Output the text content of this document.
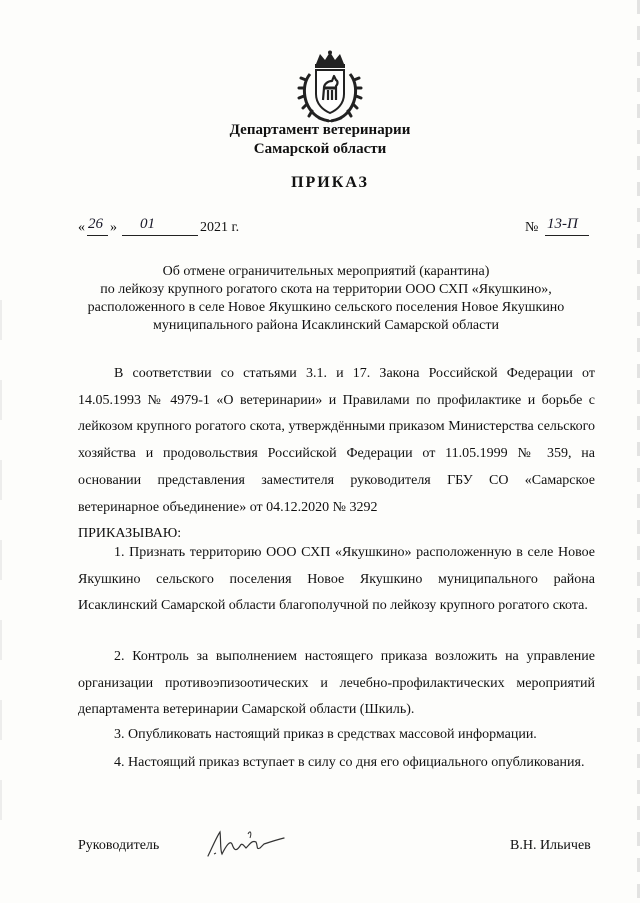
Департамент ветеринарии
Самарской области
ПРИКАЗ
« 26 » 01	2021 г.	№ 13-П
Об отмене ограничительных мероприятий (карантина)
по лейкозу крупного рогатого скота на территории ООО СХП «Якушкино»,
расположенного в селе Новое Якушкино сельского поселения Новое Якушкино
муниципального района Исаклинский Самарской области

В соответствии со статьями 3.1. и 17. Закона Российской Федерации от 14.05.1993 № 4979-1 «О ветеринарии» и Правилами по профилактике и борьбе с лейкозом крупного рогатого скота, утверждёнными приказом Министерства сельского хозяйства и продовольствия Российской Федерации от 11.05.1999 № 359, на основании представления заместителя руководителя ГБУ СО «Самарское ветеринарное объединение» от 04.12.2020 № 3292

ПРИКАЗЫВАЮ:

1. Признать территорию ООО СХП «Якушкино» расположенную в селе Новое Якушкино сельского поселения Новое Якушкино муниципального района Исаклинский Самарской области благополучной по лейкозу крупного рогатого скота.

2. Контроль за выполнением настоящего приказа возложить на управление организации противоэпизоотических и лечебно-профилактических мероприятий департамента ветеринарии Самарской области (Шкиль).

3. Опубликовать настоящий приказ в средствах массовой информации.

4. Настоящий приказ вступает в силу со дня его официального опубликования.

Руководитель	В.Н. Ильичев
